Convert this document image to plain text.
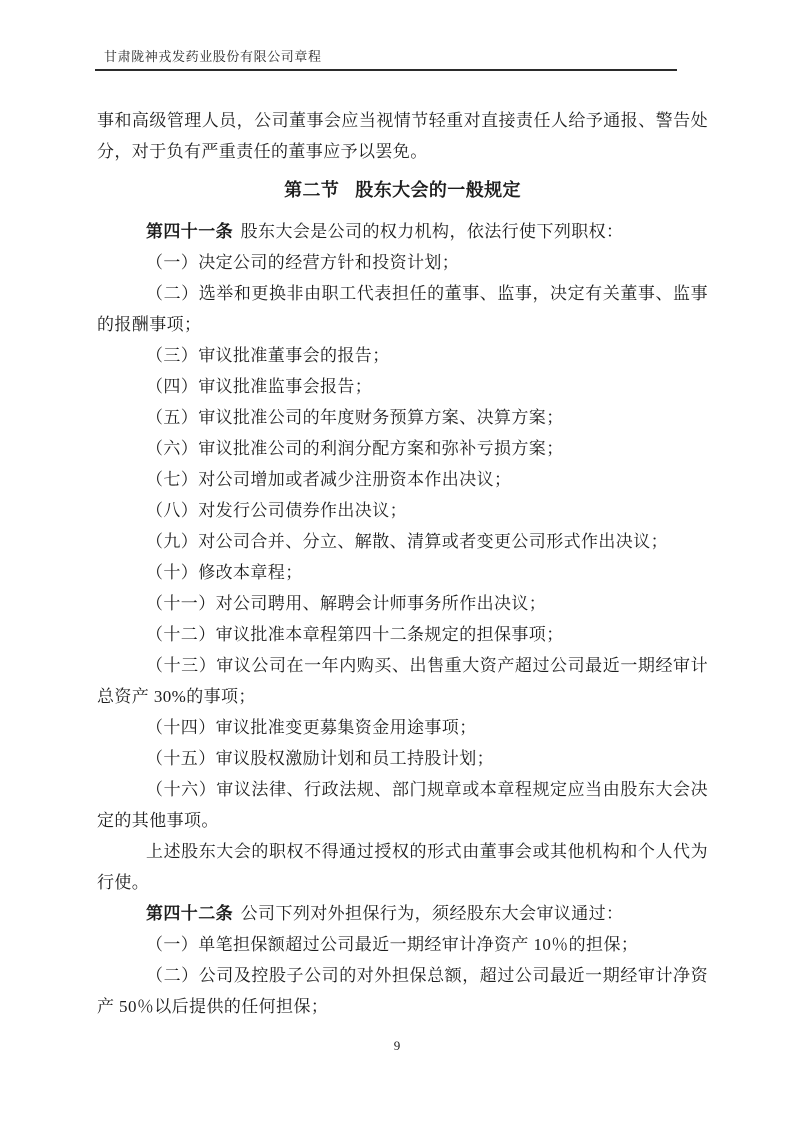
甘肃陇神戎发药业股份有限公司章程

事和高级管理人员，公司董事会应当视情节轻重对直接责任人给予通报、警告处分，对于负有严重责任的董事应予以罢免。

第二节 股东大会的一般规定

第四十一条 股东大会是公司的权力机构，依法行使下列职权：

（一）决定公司的经营方针和投资计划；

（二）选举和更换非由职工代表担任的董事、监事，决定有关董事、监事的报酬事项；

（三）审议批准董事会的报告；

（四）审议批准监事会报告；

（五）审议批准公司的年度财务预算方案、决算方案；

（六）审议批准公司的利润分配方案和弥补亏损方案；

（七）对公司增加或者减少注册资本作出决议；

（八）对发行公司债券作出决议；

（九）对公司合并、分立、解散、清算或者变更公司形式作出决议；

（十）修改本章程；

（十一）对公司聘用、解聘会计师事务所作出决议；

（十二）审议批准本章程第四十二条规定的担保事项；

（十三）审议公司在一年内购买、出售重大资产超过公司最近一期经审计总资产 30%的事项；

（十四）审议批准变更募集资金用途事项；

（十五）审议股权激励计划和员工持股计划；

（十六）审议法律、行政法规、部门规章或本章程规定应当由股东大会决定的其他事项。

上述股东大会的职权不得通过授权的形式由董事会或其他机构和个人代为行使。

第四十二条 公司下列对外担保行为，须经股东大会审议通过：

（一）单笔担保额超过公司最近一期经审计净资产 10％的担保；

（二）公司及控股子公司的对外担保总额，超过公司最近一期经审计净资产 50％以后提供的任何担保；

9
